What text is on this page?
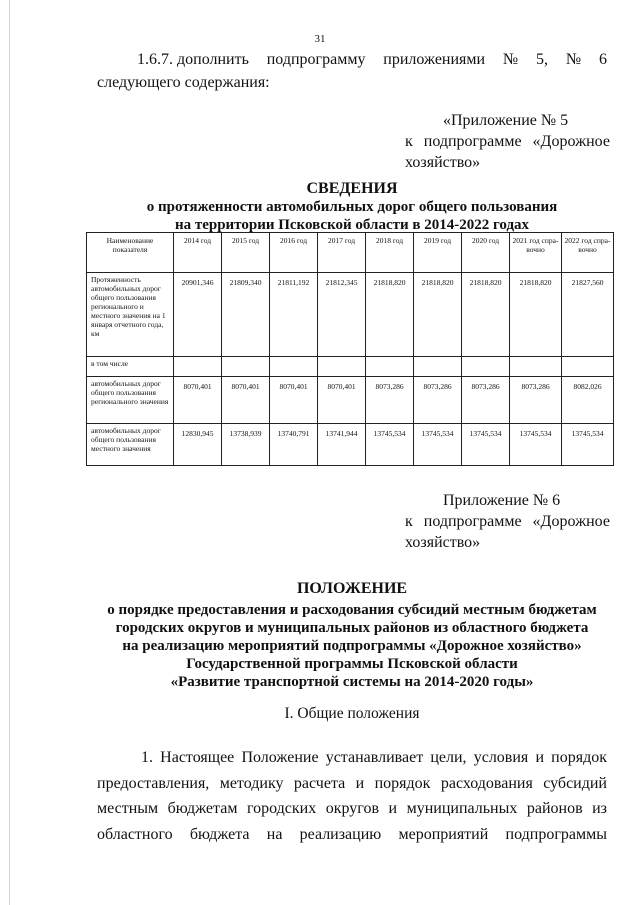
31
1.6.7. дополнить подпрограмму приложениями № 5, № 6
следующего содержания:
«Приложение № 5
к подпрограмме «Дорожное
хозяйство»
СВЕДЕНИЯ
о протяженности автомобильных дорог общего пользования
на территории Псковской области в 2014-2022 годах
Наименование показателя	2014 год	2015 год	2016 год	2017 год	2018 год	2019 год	2020 год	2021 год спра-вочно	2022 год спра-вочно
Протяженность автомобильных дорог общего пользования регионального и местного значения на 1 января отчетного года, км	20901,346	21809,340	21811,192	21812,345	21818,820	21818,820	21818,820	21818,820	21827,560
в том числе									
автомобильных дорог общего пользования регионального значения	8070,401	8070,401	8070,401	8070,401	8073,286	8073,286	8073,286	8073,286	8082,026
автомобильных дорог общего пользования местного значения	12830,945	13738,939	13740,791	13741,944	13745,534	13745,534	13745,534	13745,534	13745,534
Приложение № 6
к подпрограмме «Дорожное
хозяйство»
ПОЛОЖЕНИЕ
о порядке предоставления и расходования субсидий местным бюджетам
городских округов и муниципальных районов из областного бюджета
на реализацию мероприятий подпрограммы «Дорожное хозяйство»
Государственной программы Псковской области
«Развитие транспортной системы на 2014-2020 годы»
I. Общие положения
1. Настоящее Положение устанавливает цели, условия и порядок
предоставления, методику расчета и порядок расходования субсидий
местным бюджетам городских округов и муниципальных районов из
областного бюджета на реализацию мероприятий подпрограммы
